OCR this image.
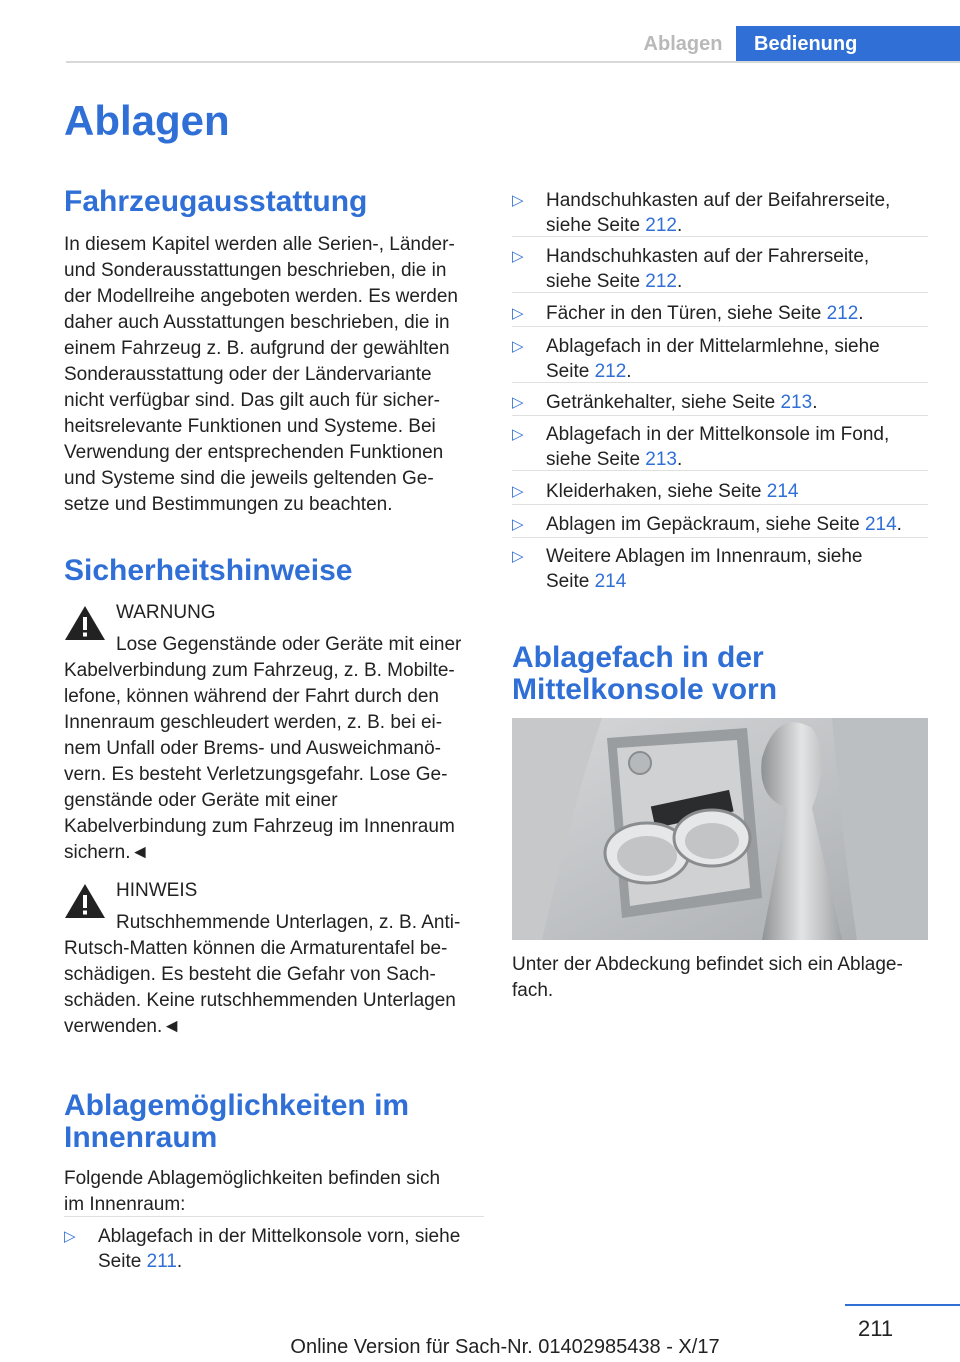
Ablagen	Bedienung
Ablagen
Fahrzeugausstattung
In diesem Kapitel werden alle Serien-, Länder‐
und Sonderausstattungen beschrieben, die in
der Modellreihe angeboten werden. Es werden
daher auch Ausstattungen beschrieben, die in
einem Fahrzeug z. B. aufgrund der gewählten
Sonderausstattung oder der Ländervariante
nicht verfügbar sind. Das gilt auch für sicher‐
heitsrelevante Funktionen und Systeme. Bei
Verwendung der entsprechenden Funktionen
und Systeme sind die jeweils geltenden Ge‐
setze und Bestimmungen zu beachten.
Sicherheitshinweise
WARNUNG
Lose Gegenstände oder Geräte mit einer
Kabelverbindung zum Fahrzeug, z. B. Mobilte‐
lefone, können während der Fahrt durch den
Innenraum geschleudert werden, z. B. bei ei‐
nem Unfall oder Brems- und Ausweichmanö‐
vern. Es besteht Verletzungsgefahr. Lose Ge‐
genstände oder Geräte mit einer
Kabelverbindung zum Fahrzeug im Innenraum
sichern.◄
HINWEIS
Rutschhemmende Unterlagen, z. B. Anti-
Rutsch-Matten können die Armaturentafel be‐
schädigen. Es besteht die Gefahr von Sach‐
schäden. Keine rutschhemmenden Unterlagen
verwenden.◄
Ablagemöglichkeiten im
Innenraum
Folgende Ablagemöglichkeiten befinden sich
im Innenraum:
▷ Ablagefach in der Mittelkonsole vorn, siehe
Seite 211.
▷ Handschuhkasten auf der Beifahrerseite,
siehe Seite 212.
▷ Handschuhkasten auf der Fahrerseite,
siehe Seite 212.
▷ Fächer in den Türen, siehe Seite 212.
▷ Ablagefach in der Mittelarmlehne, siehe
Seite 212.
▷ Getränkehalter, siehe Seite 213.
▷ Ablagefach in der Mittelkonsole im Fond,
siehe Seite 213.
▷ Kleiderhaken, siehe Seite 214
▷ Ablagen im Gepäckraum, siehe Seite 214.
▷ Weitere Ablagen im Innenraum, siehe
Seite 214
Ablagefach in der
Mittelkonsole vorn
Unter der Abdeckung befindet sich ein Ablage‐
fach.
211
Online Version für Sach-Nr. 01402985438 - X/17
